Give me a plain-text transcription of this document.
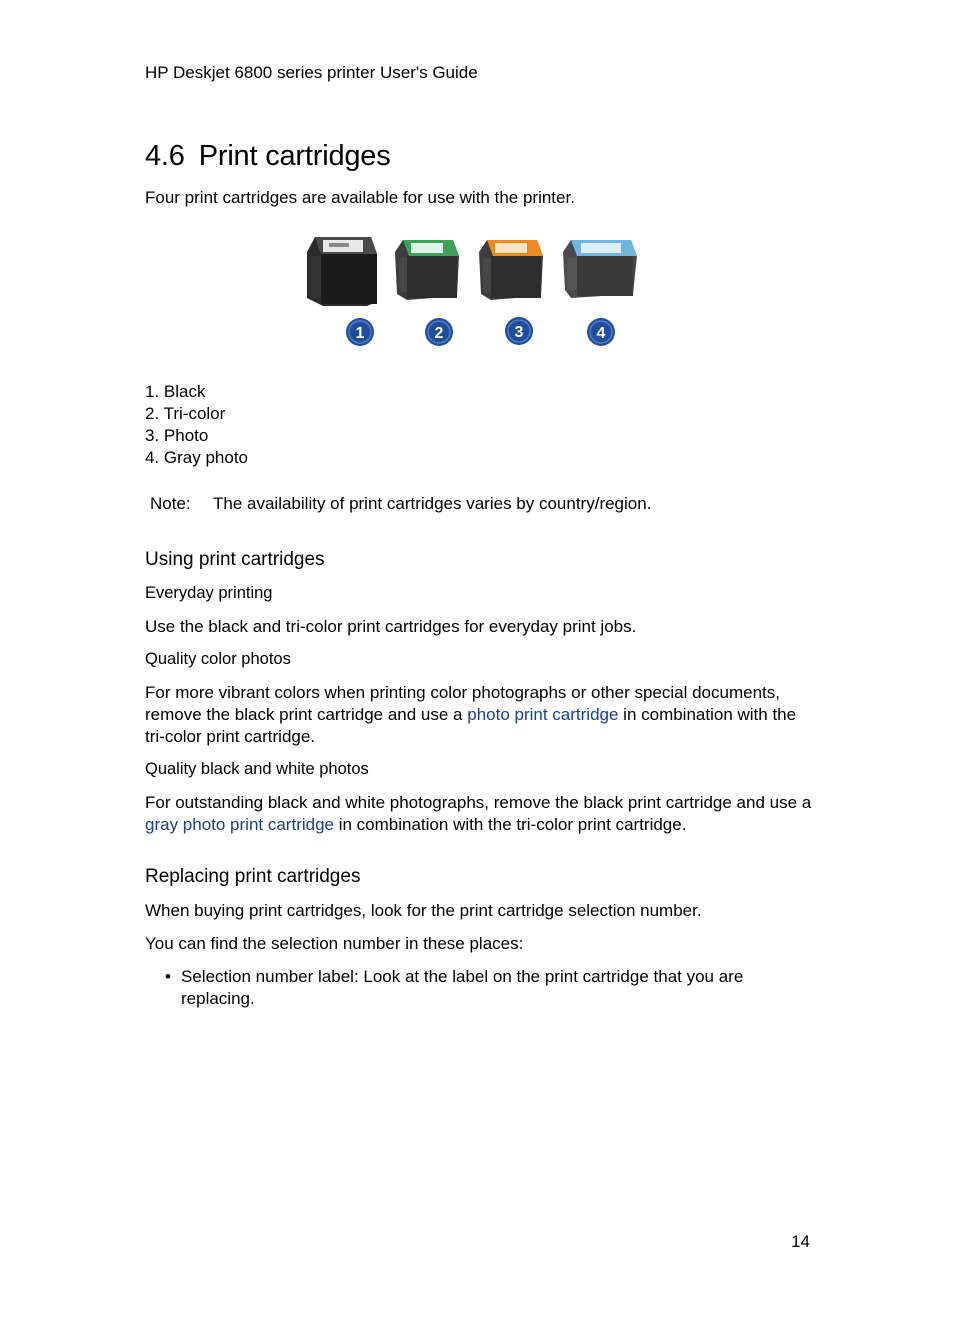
HP Deskjet 6800 series printer User's Guide
4.6 Print cartridges

Four print cartridges are available for use with the printer.

1	2	3	4
1. Black
2. Tri-color
3. Photo
4. Gray photo
Note: The availability of print cartridges varies by country/region.
Using print cartridges
Everyday printing

Use the black and tri-color print cartridges for everyday print jobs.

Quality color photos

For more vibrant colors when printing color photographs or other special documents, remove the black print cartridge and use a photo print cartridge in combination with the tri-color print cartridge.

Quality black and white photos

For outstanding black and white photographs, remove the black print cartridge and use a gray photo print cartridge in combination with the tri-color print cartridge.

Replacing print cartridges

When buying print cartridges, look for the print cartridge selection number.

You can find the selection number in these places:

• Selection number label: Look at the label on the print cartridge that you are replacing.
14
